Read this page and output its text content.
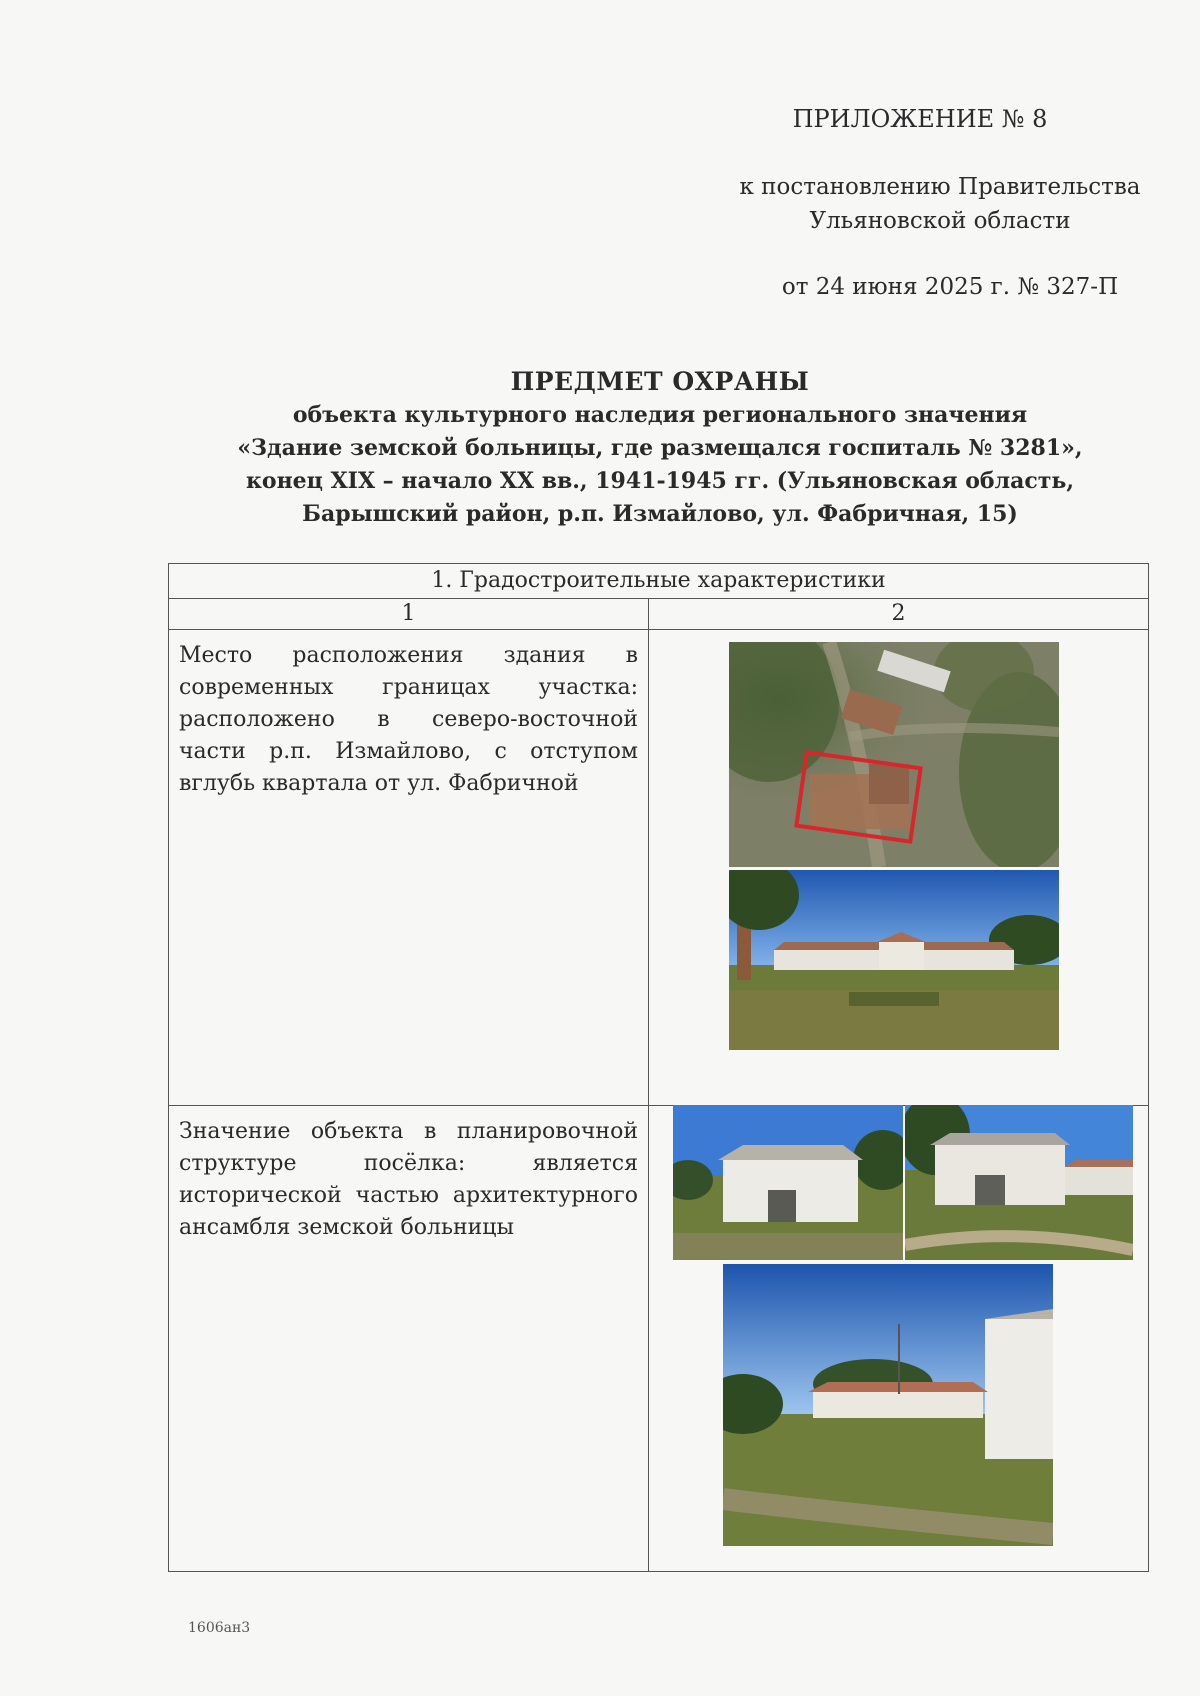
ПРИЛОЖЕНИЕ № 8
к постановлению Правительства
Ульяновской области
от 24 июня 2025 г. № 327-П
ПРЕДМЕТ ОХРАНЫ
объекта культурного наследия регионального значения
«Здание земской больницы, где размещался госпиталь № 3281»,
конец XIX – начало XX вв., 1941-1945 гг. (Ульяновская область,
Барышский район, р.п. Измайлово, ул. Фабричная, 15)
1. Градостроительные характеристики	
1	2
Место расположения здания в современных границах участка: расположено в северо-восточной части р.п. Измайлово, с отступом вглубь квартала от ул. Фабричной	

Значение объекта в планировочной структуре посёлка: является исторической частью архитектурного ансамбля земской больницы	
1606ан3
